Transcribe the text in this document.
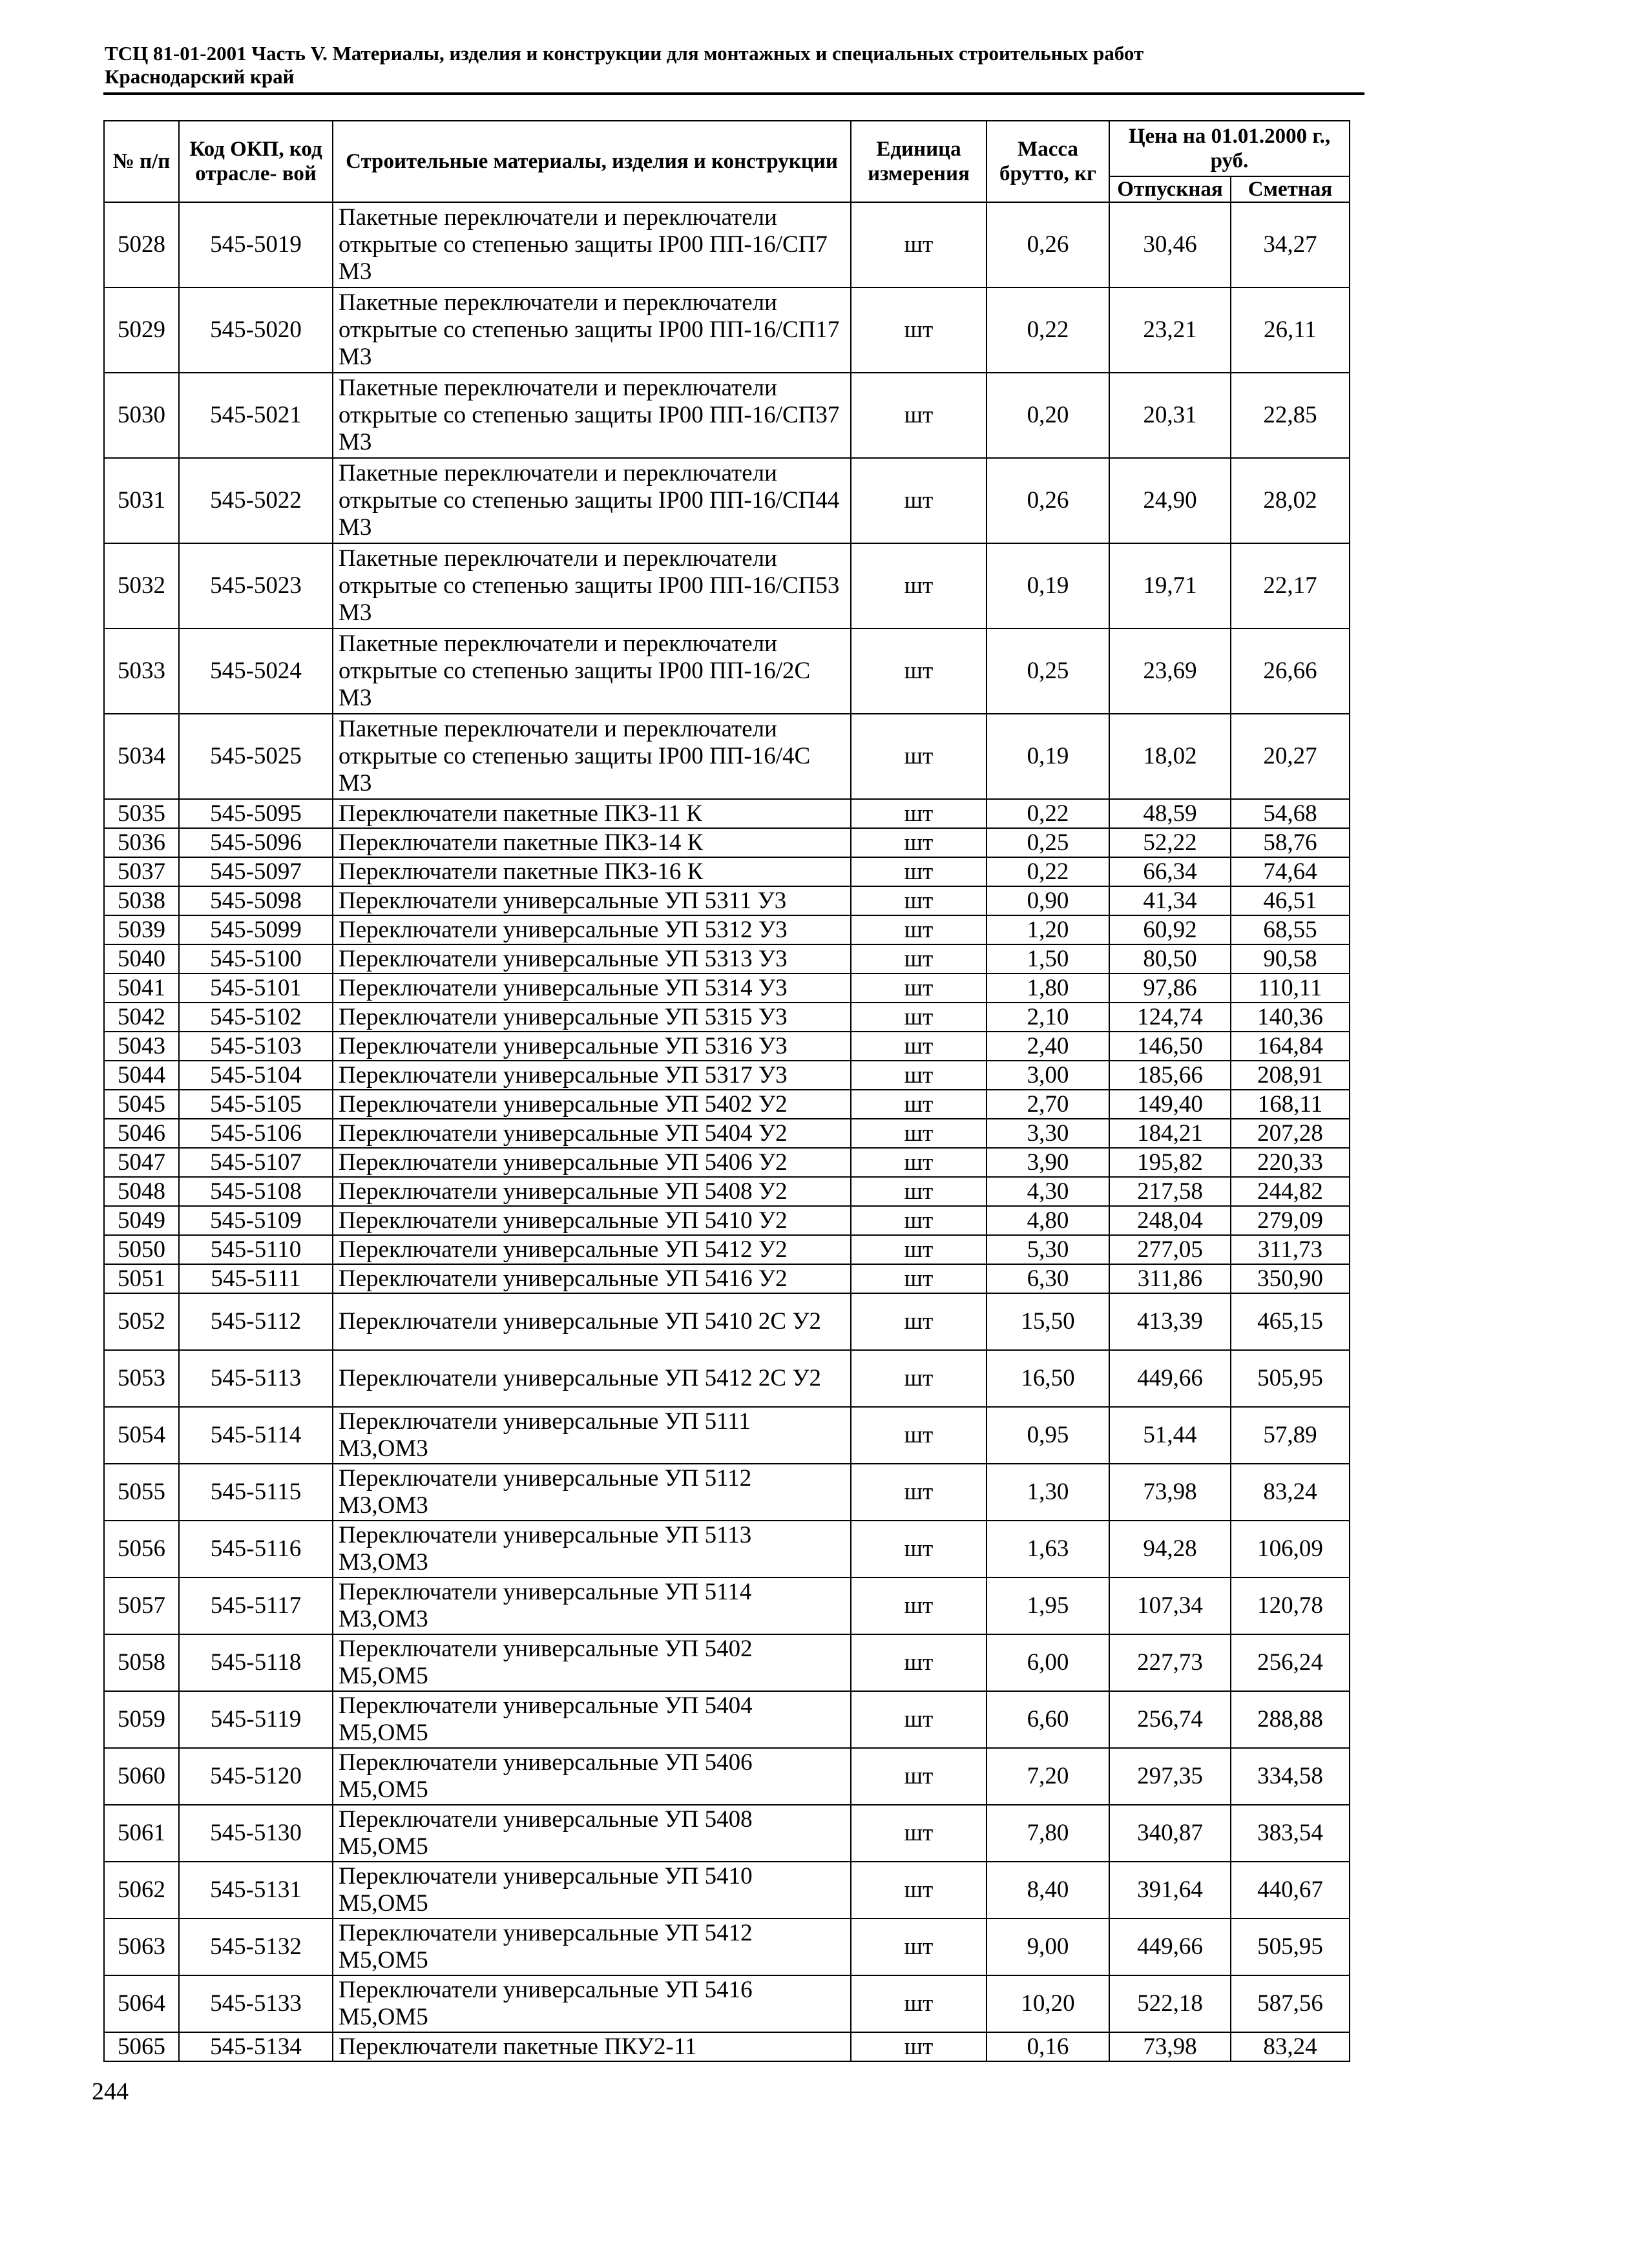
ТСЦ 81-01-2001 Часть V. Материалы, изделия и конструкции для монтажных и специальных строительных работ
Краснодарский край
№ п/п	Код ОКП, код отрасле- вой	Строительные материалы, изделия и конструкции	Единица измерения	Масса брутто, кг	Цена на 01.01.2000 г., руб.	
					Отпускная	Сметная
5028	545-5019	Пакетные переключатели и переключатели открытые со степенью защиты IP00 ПП-16/СП7 М3	шт	0,26	30,46	34,27
5029	545-5020	Пакетные переключатели и переключатели открытые со степенью защиты IP00 ПП-16/СП17 М3	шт	0,22	23,21	26,11
5030	545-5021	Пакетные переключатели и переключатели открытые со степенью защиты IP00 ПП-16/СП37 М3	шт	0,20	20,31	22,85
5031	545-5022	Пакетные переключатели и переключатели открытые со степенью защиты IP00 ПП-16/СП44 М3	шт	0,26	24,90	28,02
5032	545-5023	Пакетные переключатели и переключатели открытые со степенью защиты IP00 ПП-16/СП53 М3	шт	0,19	19,71	22,17
5033	545-5024	Пакетные переключатели и переключатели открытые со степенью защиты IP00 ПП-16/2С М3	шт	0,25	23,69	26,66
5034	545-5025	Пакетные переключатели и переключатели открытые со степенью защиты IP00 ПП-16/4С М3	шт	0,19	18,02	20,27
5035	545-5095	Переключатели пакетные ПКЗ-11 К	шт	0,22	48,59	54,68
5036	545-5096	Переключатели пакетные ПКЗ-14 К	шт	0,25	52,22	58,76
5037	545-5097	Переключатели пакетные ПКЗ-16 К	шт	0,22	66,34	74,64
5038	545-5098	Переключатели универсальные УП 5311 У3	шт	0,90	41,34	46,51
5039	545-5099	Переключатели универсальные УП 5312 У3	шт	1,20	60,92	68,55
5040	545-5100	Переключатели универсальные УП 5313 У3	шт	1,50	80,50	90,58
5041	545-5101	Переключатели универсальные УП 5314 У3	шт	1,80	97,86	110,11
5042	545-5102	Переключатели универсальные УП 5315 У3	шт	2,10	124,74	140,36
5043	545-5103	Переключатели универсальные УП 5316 У3	шт	2,40	146,50	164,84
5044	545-5104	Переключатели универсальные УП 5317 У3	шт	3,00	185,66	208,91
5045	545-5105	Переключатели универсальные УП 5402 У2	шт	2,70	149,40	168,11
5046	545-5106	Переключатели универсальные УП 5404 У2	шт	3,30	184,21	207,28
5047	545-5107	Переключатели универсальные УП 5406 У2	шт	3,90	195,82	220,33
5048	545-5108	Переключатели универсальные УП 5408 У2	шт	4,30	217,58	244,82
5049	545-5109	Переключатели универсальные УП 5410 У2	шт	4,80	248,04	279,09
5050	545-5110	Переключатели универсальные УП 5412 У2	шт	5,30	277,05	311,73
5051	545-5111	Переключатели универсальные УП 5416 У2	шт	6,30	311,86	350,90
5052	545-5112	Переключатели универсальные УП 5410 2С У2	шт	15,50	413,39	465,15
5053	545-5113	Переключатели универсальные УП 5412 2С У2	шт	16,50	449,66	505,95
5054	545-5114	Переключатели универсальные УП 5111 М3,ОМ3	шт	0,95	51,44	57,89
5055	545-5115	Переключатели универсальные УП 5112 М3,ОМ3	шт	1,30	73,98	83,24
5056	545-5116	Переключатели универсальные УП 5113 М3,ОМ3	шт	1,63	94,28	106,09
5057	545-5117	Переключатели универсальные УП 5114 М3,ОМ3	шт	1,95	107,34	120,78
5058	545-5118	Переключатели универсальные УП 5402 М5,ОМ5	шт	6,00	227,73	256,24
5059	545-5119	Переключатели универсальные УП 5404 М5,ОМ5	шт	6,60	256,74	288,88
5060	545-5120	Переключатели универсальные УП 5406 М5,ОМ5	шт	7,20	297,35	334,58
5061	545-5130	Переключатели универсальные УП 5408 М5,ОМ5	шт	7,80	340,87	383,54
5062	545-5131	Переключатели универсальные УП 5410 М5,ОМ5	шт	8,40	391,64	440,67
5063	545-5132	Переключатели универсальные УП 5412 М5,ОМ5	шт	9,00	449,66	505,95
5064	545-5133	Переключатели универсальные УП 5416 М5,ОМ5	шт	10,20	522,18	587,56
5065	545-5134	Переключатели пакетные ПКУ2-11	шт	0,16	73,98	83,24
244
